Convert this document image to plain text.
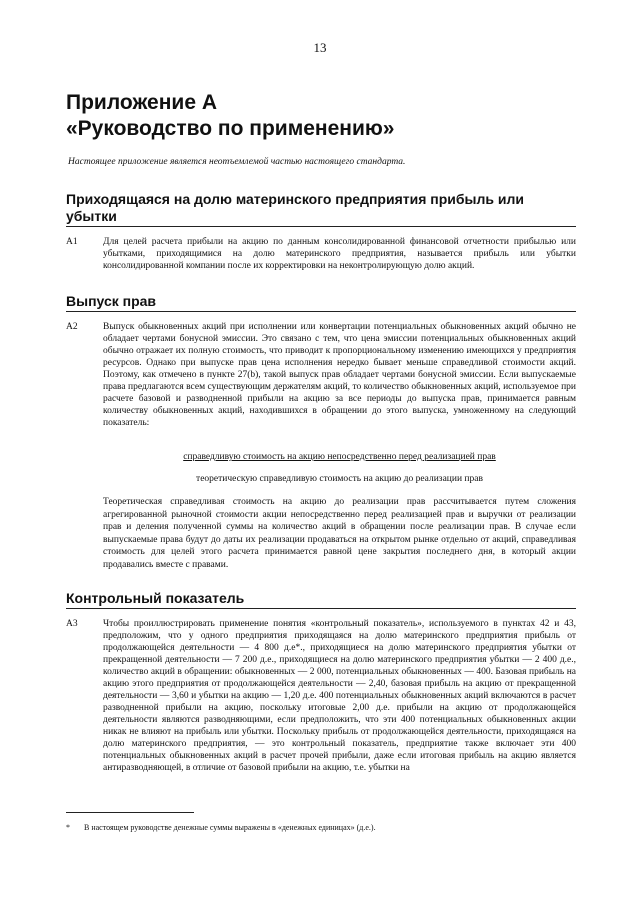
13
Приложение A
«Руководство по применению»
Настоящее приложение является неотъемлемой частью настоящего стандарта.
Приходящаяся на долю материнского предприятия прибыль или
убытки
A1	Для целей расчета прибыли на акцию по данным консолидированной финансовой отчетности прибылью или убытками, приходящимися на долю материнского предприятия, называется прибыль или убытки консолидированной компании после их корректировки на неконтролирующую долю акций.
Выпуск прав
A2	Выпуск обыкновенных акций при исполнении или конвертации потенциальных обыкновенных акций обычно не обладает чертами бонусной эмиссии. Это связано с тем, что цена эмиссии потенциальных обыкновенных акций обычно отражает их полную стоимость, что приводит к пропорциональному изменению имеющихся у предприятия ресурсов. Однако при выпуске прав цена исполнения нередко бывает меньше справедливой стоимости акций. Поэтому, как отмечено в пункте 27(b), такой выпуск прав обладает чертами бонусной эмиссии. Если выпускаемые права предлагаются всем существующим держателям акций, то количество обыкновенных акций, используемое при расчете базовой и разводненной прибыли на акцию за все периоды до выпуска прав, принимается равным количеству обыкновенных акций, находившихся в обращении до этого выпуска, умноженному на следующий показатель:
справедливую стоимость на акцию непосредственно перед реализацией прав
теоретическую справедливую стоимость на акцию до реализации прав
Теоретическая справедливая стоимость на акцию до реализации прав рассчитывается путем сложения агрегированной рыночной стоимости акции непосредственно перед реализацией прав и выручки от реализации прав и деления полученной суммы на количество акций в обращении после реализации прав. В случае если выпускаемые права будут до даты их реализации продаваться на открытом рынке отдельно от акций, справедливая стоимость для целей этого расчета принимается равной цене закрытия последнего дня, в который акции продавались вместе с правами.
Контрольный показатель
A3	Чтобы проиллюстрировать применение понятия «контрольный показатель», используемого в пунктах 42 и 43, предположим, что у одного предприятия приходящаяся на долю материнского предприятия прибыль от продолжающейся деятельности — 4 800 д.е*., приходящиеся на долю материнского предприятия убытки от прекращенной деятельности — 7 200 д.е., приходящиеся на долю материнского предприятия убытки — 2 400 д.е., количество акций в обращении: обыкновенных — 2 000, потенциальных обыкновенных — 400. Базовая прибыль на акцию этого предприятия от продолжающейся деятельности — 2,40, базовая прибыль на акцию от прекращенной деятельности — 3,60 и убытки на акцию — 1,20 д.е. 400 потенциальных обыкновенных акций включаются в расчет разводненной прибыли на акцию, поскольку итоговые 2,00 д.е. прибыли на акцию от продолжающейся деятельности являются разводняющими, если предположить, что эти 400 потенциальных обыкновенных акции никак не влияют на прибыль или убытки. Поскольку прибыль от продолжающейся деятельности, приходящаяся на долю материнского предприятия, — это контрольный показатель, предприятие также включает эти 400 потенциальных обыкновенных акций в расчет прочей прибыли, даже если итоговая прибыль на акцию является антиразводняющей, в отличие от базовой прибыли на акцию, т.е. убытки на
* В настоящем руководстве денежные суммы выражены в «денежных единицах» (д.е.).
